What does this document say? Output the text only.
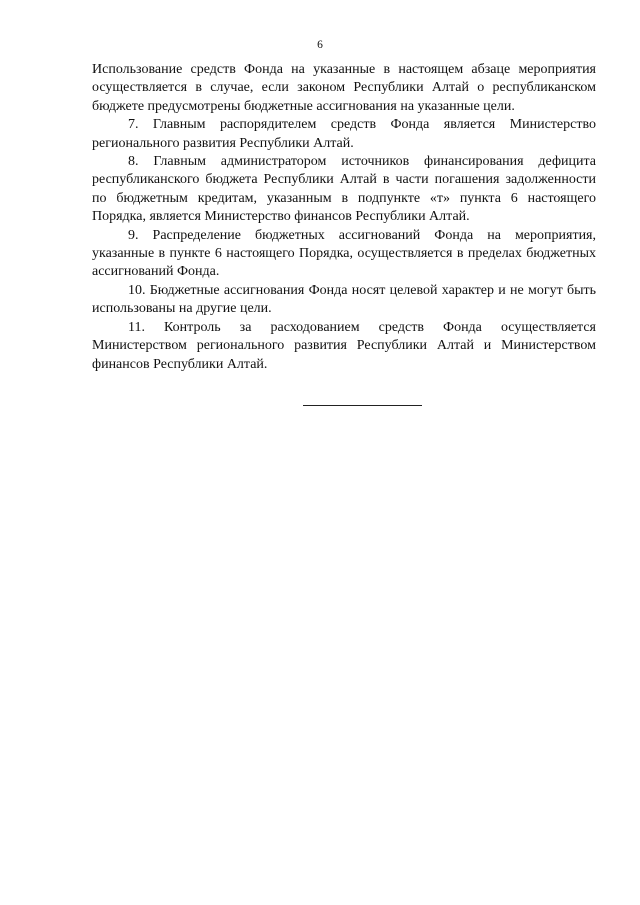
6

Использование средств Фонда на указанные в настоящем абзаце мероприятия осуществляется в случае, если законом Республики Алтай о республиканском бюджете предусмотрены бюджетные ассигнования на указанные цели.

7. Главным распорядителем средств Фонда является Министерство регионального развития Республики Алтай.

8. Главным администратором источников финансирования дефицита республиканского бюджета Республики Алтай в части погашения задолженности по бюджетным кредитам, указанным в подпункте «т» пункта 6 настоящего Порядка, является Министерство финансов Республики Алтай.

9. Распределение бюджетных ассигнований Фонда на мероприятия, указанные в пункте 6 настоящего Порядка, осуществляется в пределах бюджетных ассигнований Фонда.

10. Бюджетные ассигнования Фонда носят целевой характер и не могут быть использованы на другие цели.

11. Контроль за расходованием средств Фонда осуществляется Министерством регионального развития Республики Алтай и Министерством финансов Республики Алтай.
